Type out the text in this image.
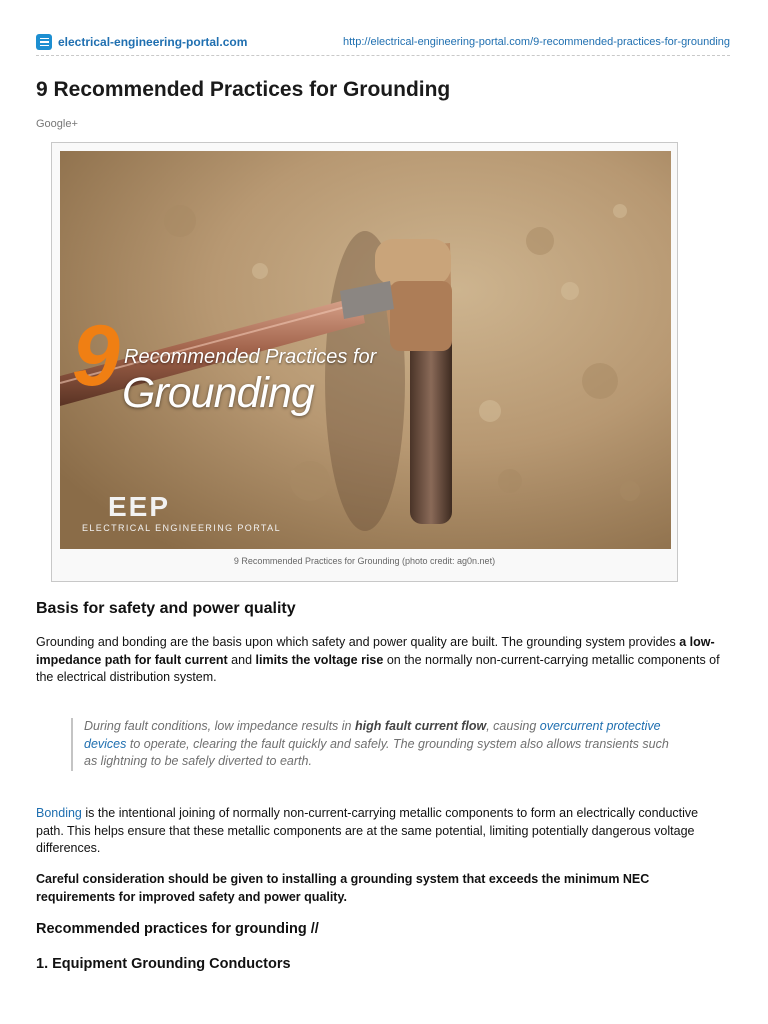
electrical-engineering-portal.com	http://electrical-engineering-portal.com/9-recommended-practices-for-grounding
9 Recommended Practices for Grounding
Google+
9 Recommended Practices for
Grounding
EEP
ELECTRICAL ENGINEERING PORTAL
9 Recommended Practices for Grounding (photo credit: ag0n.net)
Basis for safety and power quality

Grounding and bonding are the basis upon which safety and power quality are built. The grounding system provides a low-impedance path for fault current and limits the voltage rise on the normally non-current-carrying metallic components of the electrical distribution system.

During fault conditions, low impedance results in high fault current flow, causing overcurrent protective devices to operate, clearing the fault quickly and safely. The grounding system also allows transients such as lightning to be safely diverted to earth.

Bonding is the intentional joining of normally non-current-carrying metallic components to form an electrically conductive path. This helps ensure that these metallic components are at the same potential, limiting potentially dangerous voltage differences.

Careful consideration should be given to installing a grounding system that exceeds the minimum NEC requirements for improved safety and power quality.

Recommended practices for grounding //
1. Equipment Grounding Conductors
